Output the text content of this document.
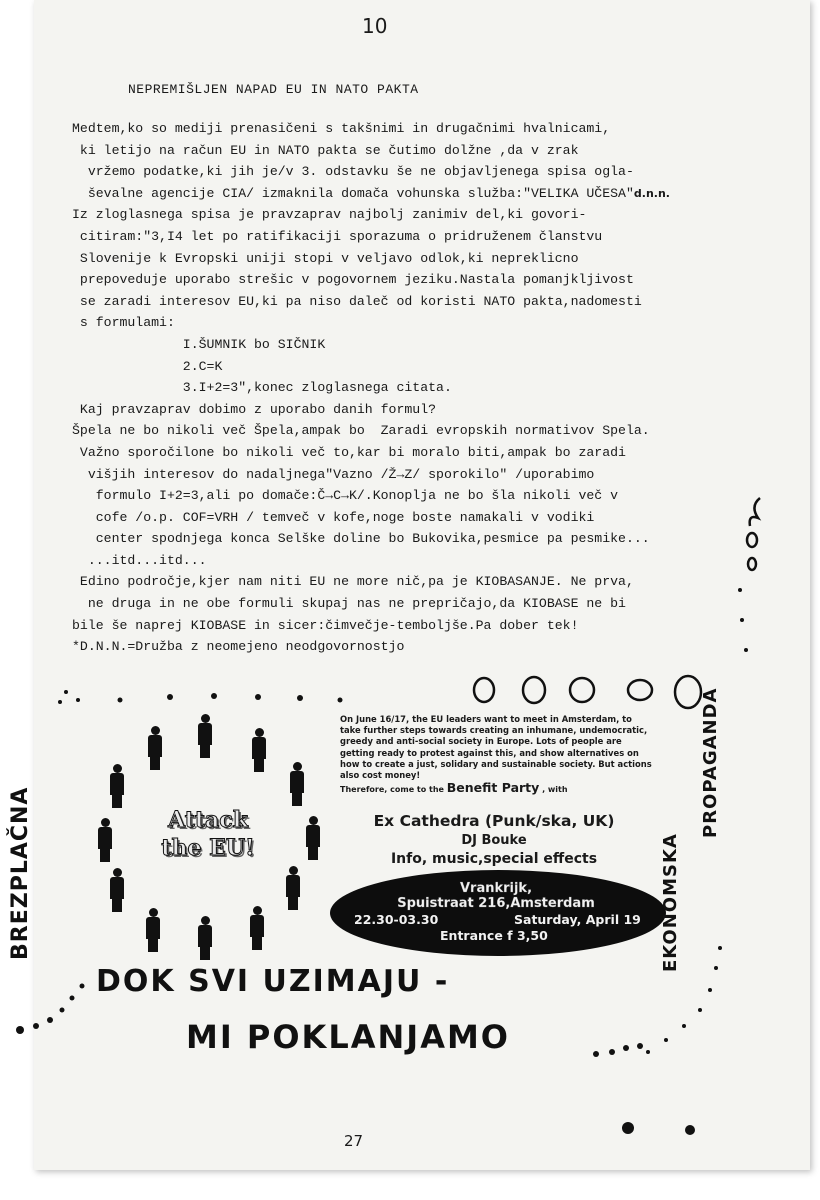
10
NEPREMIŠLJEN NAPAD EU IN NATO PAKTA
Medtem,ko so mediji prenasičeni s takšnimi in drugačnimi hvalnicami,
ki letijo na račun EU in NATO pakta se čutimo dolžne ,da v zrak
vržemo podatke,ki jih je/v 3. odstavku še ne objavljenega spisa ogla-
ševalne agencije CIA/ izmaknila domača vohunska služba:"VELIKA UČESA"d.n.n.
Iz zloglasnega spisa je pravzaprav najbolj zanimiv del,ki govori-
citiram:"3,I4 let po ratifikaciji sporazuma o pridruženem članstvu
Slovenije k Evropski uniji stopi v veljavo odlok,ki nepreklicno
prepoveduje uporabo strešic v pogovornem jeziku.Nastala pomanjkljivost
se zaradi interesov EU,ki pa niso daleč od koristi NATO pakta,nadomesti
s formulami:
I.ŠUMNIK bo SIČNIK
2.C=K
3.I+2=3",konec zloglasnega citata.
Kaj pravzaprav dobimo z uporabo danih formul?
Špela ne bo nikoli več Špela,ampak bo  Zaradi evropskih normativov Spela.
Važno sporočilone bo nikoli več to,kar bi moralo biti,ampak bo zaradi
višjih interesov do nadaljnega"Vazno /Ž→Z/ sporokilo" /uporabimo
formulo I+2=3,ali po domače:Č→C→K/.Konoplja ne bo šla nikoli več v
cofe /o.p. COF=VRH / temveč v kofe,noge boste namakali v vodiki
center spodnjega konca Selške doline bo Bukovika,pesmice pa pesmike...
...itd...itd...
Edino področje,kjer nam niti EU ne more nič,pa je KIOBASANJE. Ne prva,
ne druga in ne obe formuli skupaj nas ne prepričajo,da KIOBASE ne bi
bile še naprej KIOBASE in sicer:čimvečje-temboljše.Pa dober tek!
*D.N.N.=Družba z neomejeno neodgovornostjo
Attack
the EU!
On June 16/17, the EU leaders want to meet in Amsterdam, to take further steps towards creating an inhumane, undemocratic, greedy and anti-social society in Europe. Lots of people are getting ready to protest against this, and show alternatives on how to create a just, solidary and sustainable society. But actions also cost money!
Therefore, come to the Benefit Party , with
Ex Cathedra (Punk/ska, UK)
DJ Bouke
Info, music,special effects
Vrankrijk,
Spuistraat 216,Amsterdam
22.30-03.30	Saturday, April 19
Entrance f 3,50
BREZPLAČNA
PROPAGANDA
EKONOMSKA
DOK SVI UZIMAJU -
MI POKLANJAMO
27
